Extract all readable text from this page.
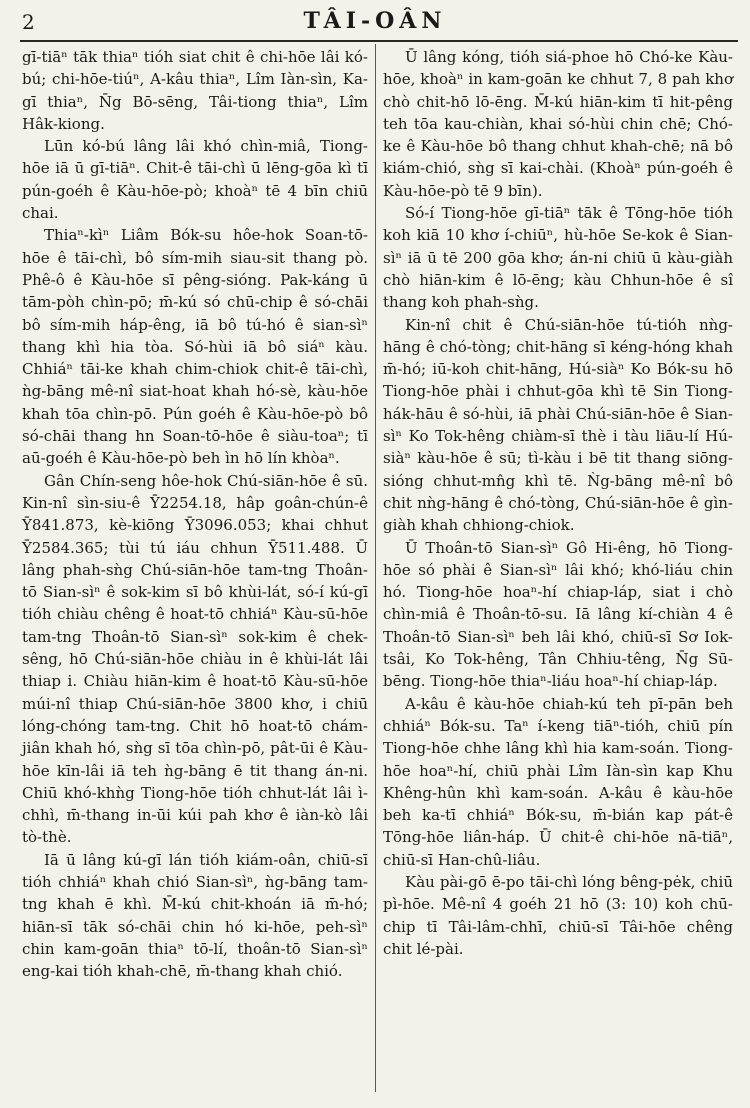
2	TÂI-OÂN

gī-tiāⁿ tāk thiaⁿ tióh siat chit ê chi-hōe lâi kó-bú; chi-hōe-tiúⁿ, A-kâu thiaⁿ, Lîm Iàn-sìn, Ka-gī thiaⁿ, N̄g Bō-sēng, Tâi-tiong thiaⁿ, Lîm Hâk-kiong.

Lūn kó-bú lâng lâi khó chìn-miâ, Tiong-hōe iā ū gī-tiāⁿ. Chit-ê tāi-chì ū lēng-gōa kì tī pún-goéh ê Kàu-hōe-pò; khoàⁿ tē 4 bīn chiū chai.

Thiaⁿ-kìⁿ Liâm Bók-su hôe-hok Soan-tō-hōe ê tāi-chì, bô sím-mih siau-sit thang pò. Phê-ô ê Kàu-hōe sī pêng-sióng. Pak-káng ū tām-pòh chìn-pō; m̄-kú só chū-chip ê só-chāi bô sím-mih háp-êng, iā bô tú-hó ê sian-sìⁿ thang khì hia tòa. Só-hùi iā bô siáⁿ kàu. Chhiáⁿ tāi-ke khah chim-chiok chit-ê tāi-chì, ǹg-bāng mê-nî siat-hoat khah hó-sè, kàu-hōe khah tōa chìn-pō. Pún goéh ê Kàu-hōe-pò bô só-chāi thang hn Soan-tō-hōe ê siàu-toaⁿ; tī aū-goéh ê Kàu-hōe-pò beh ìn hō lín khòaⁿ.

Gân Chín-seng hôe-hok Chú-siān-hōe ê sū. Kin-nî sìn-siu-ê Ȳ2254.18, hâp goân-chún-ê Ȳ841.873, kè-kiōng Ȳ3096.053; khai chhut Ȳ2584.365; tùi tú iáu chhun Ȳ511.488. Ū lâng phah-sǹg Chú-siān-hōe tam-tng Thoân-tō Sian-sìⁿ ê sok-kim sī bô khùi-lát, só-í kú-gī tióh chiàu chêng ê hoat-tō chhiáⁿ Kàu-sū-hōe tam-tng Thoân-tō Sian-sìⁿ sok-kim ê chek-sêng, hō Chú-siān-hōe chiàu in ê khùi-lát lâi thiap i. Chiàu hiān-kim ê hoat-tō Kàu-sū-hōe múi-nî thiap Chú-siān-hōe 3800 khơ, i chiū lóng-chóng tam-tng. Chit hō hoat-tō chám-jiân khah hó, sǹg sī tōa chìn-pō, pât-ūi ê Kàu-hōe kīn-lâi iā teh ǹg-bāng ē tit thang án-ni. Chiū khó-khǹg Tiong-hōe tióh chhut-lát lâi ì-chhì, m̄-thang in-ūi kúi pah khơ ê iàn-kò lâi tò-thè.

Iā ū lâng kú-gī lán tióh kiám-oân, chiū-sī tióh chhiáⁿ khah chió Sian-sìⁿ, ǹg-bāng tam-tng khah ē khì. M̄-kú chit-khoán iā m̄-hó; hiān-sī tāk só-chāi chin hó ki-hōe, peh-sìⁿ chin kam-goān thiaⁿ tō-lí, thoân-tō Sian-sìⁿ eng-kai tióh khah-chē, m̄-thang khah chió.

Ū lâng kóng, tióh siá-phoe hō Chó-ke Kàu-hōe, khoàⁿ in kam-goān ke chhut 7, 8 pah khơ chò chit-hō lō-ēng. M̄-kú hiān-kim tī hit-pêng teh tōa kau-chiàn, khai só-hùi chin chē; Chó-ke ê Kàu-hōe bô thang chhut khah-chē; nā bô kiám-chió, sǹg sī kai-chài. (Khoàⁿ pún-goéh ê Kàu-hōe-pò tē 9 bīn).

Só-í Tiong-hōe gī-tiāⁿ tāk ê Tōng-hōe tióh koh kiā 10 khơ í-chiūⁿ, hù-hōe Se-kok ê Sian-sìⁿ iā ū tē 200 gōa khơ; án-ni chiū ū kàu-giàh chò hiān-kim ê lō-ēng; kàu Chhun-hōe ê sî thang koh phah-sǹg.

Kin-nî chit ê Chú-siān-hōe tú-tióh nǹg-hāng ê chó-tòng; chit-hāng sī kéng-hóng khah m̄-hó; iū-koh chit-hāng, Hú-siàⁿ Ko Bók-su hō Tiong-hōe phài i chhut-gōa khì tē Sin Tiong-hák-hāu ê só-hùi, iā phài Chú-siān-hōe ê Sian-sìⁿ Ko Tok-hêng chiàm-sī thè i tàu liāu-lí Hú-siàⁿ kàu-hōe ê sū; tì-kàu i bē tit thang siōng-sióng chhut-mn̂g khì tē. Ǹg-bāng mê-nî bô chit nǹg-hāng ê chó-tòng, Chú-siān-hōe ê gìn-giàh khah chhiong-chiok.

Ū Thoân-tō Sian-sìⁿ Gô Hi-êng, hō Tiong-hōe só phài ê Sian-sìⁿ lâi khó; khó-liáu chin hó. Tiong-hōe hoaⁿ-hí chiap-láp, siat i chò chìn-miâ ê Thoân-tō-su. Iā lâng kí-chiàn 4 ê Thoân-tō Sian-sìⁿ beh lâi khó, chiū-sī Sơ Iok-tsâi, Ko Tok-hêng, Tân Chhiu-têng, N̄g Sū-bēng. Tiong-hōe thiaⁿ-liáu hoaⁿ-hí chiap-láp.

A-kâu ê kàu-hōe chiah-kú teh pī-pān beh chhiáⁿ Bók-su. Taⁿ í-keng tiāⁿ-tióh, chiū pín Tiong-hōe chhe lâng khì hia kam-soán. Tiong-hōe hoaⁿ-hí, chiū phài Lîm Iàn-sìn kap Khu Khêng-hûn khì kam-soán. A-kâu ê kàu-hōe beh ka-tī chhiáⁿ Bók-su, m̄-bián kap pát-ê Tōng-hōe liân-háp. Ū chit-ê chi-hōe nā-tiāⁿ, chiū-sī Han-chû-liâu.

Kàu pài-gō ē-po tāi-chì lóng bêng-pėk, chiū pì-hōe. Mê-nî 4 goéh 21 hō (3: 10) koh chū-chip tī Tâi-lâm-chhī, chiū-sī Tâi-hōe chêng chit lé-pài.
